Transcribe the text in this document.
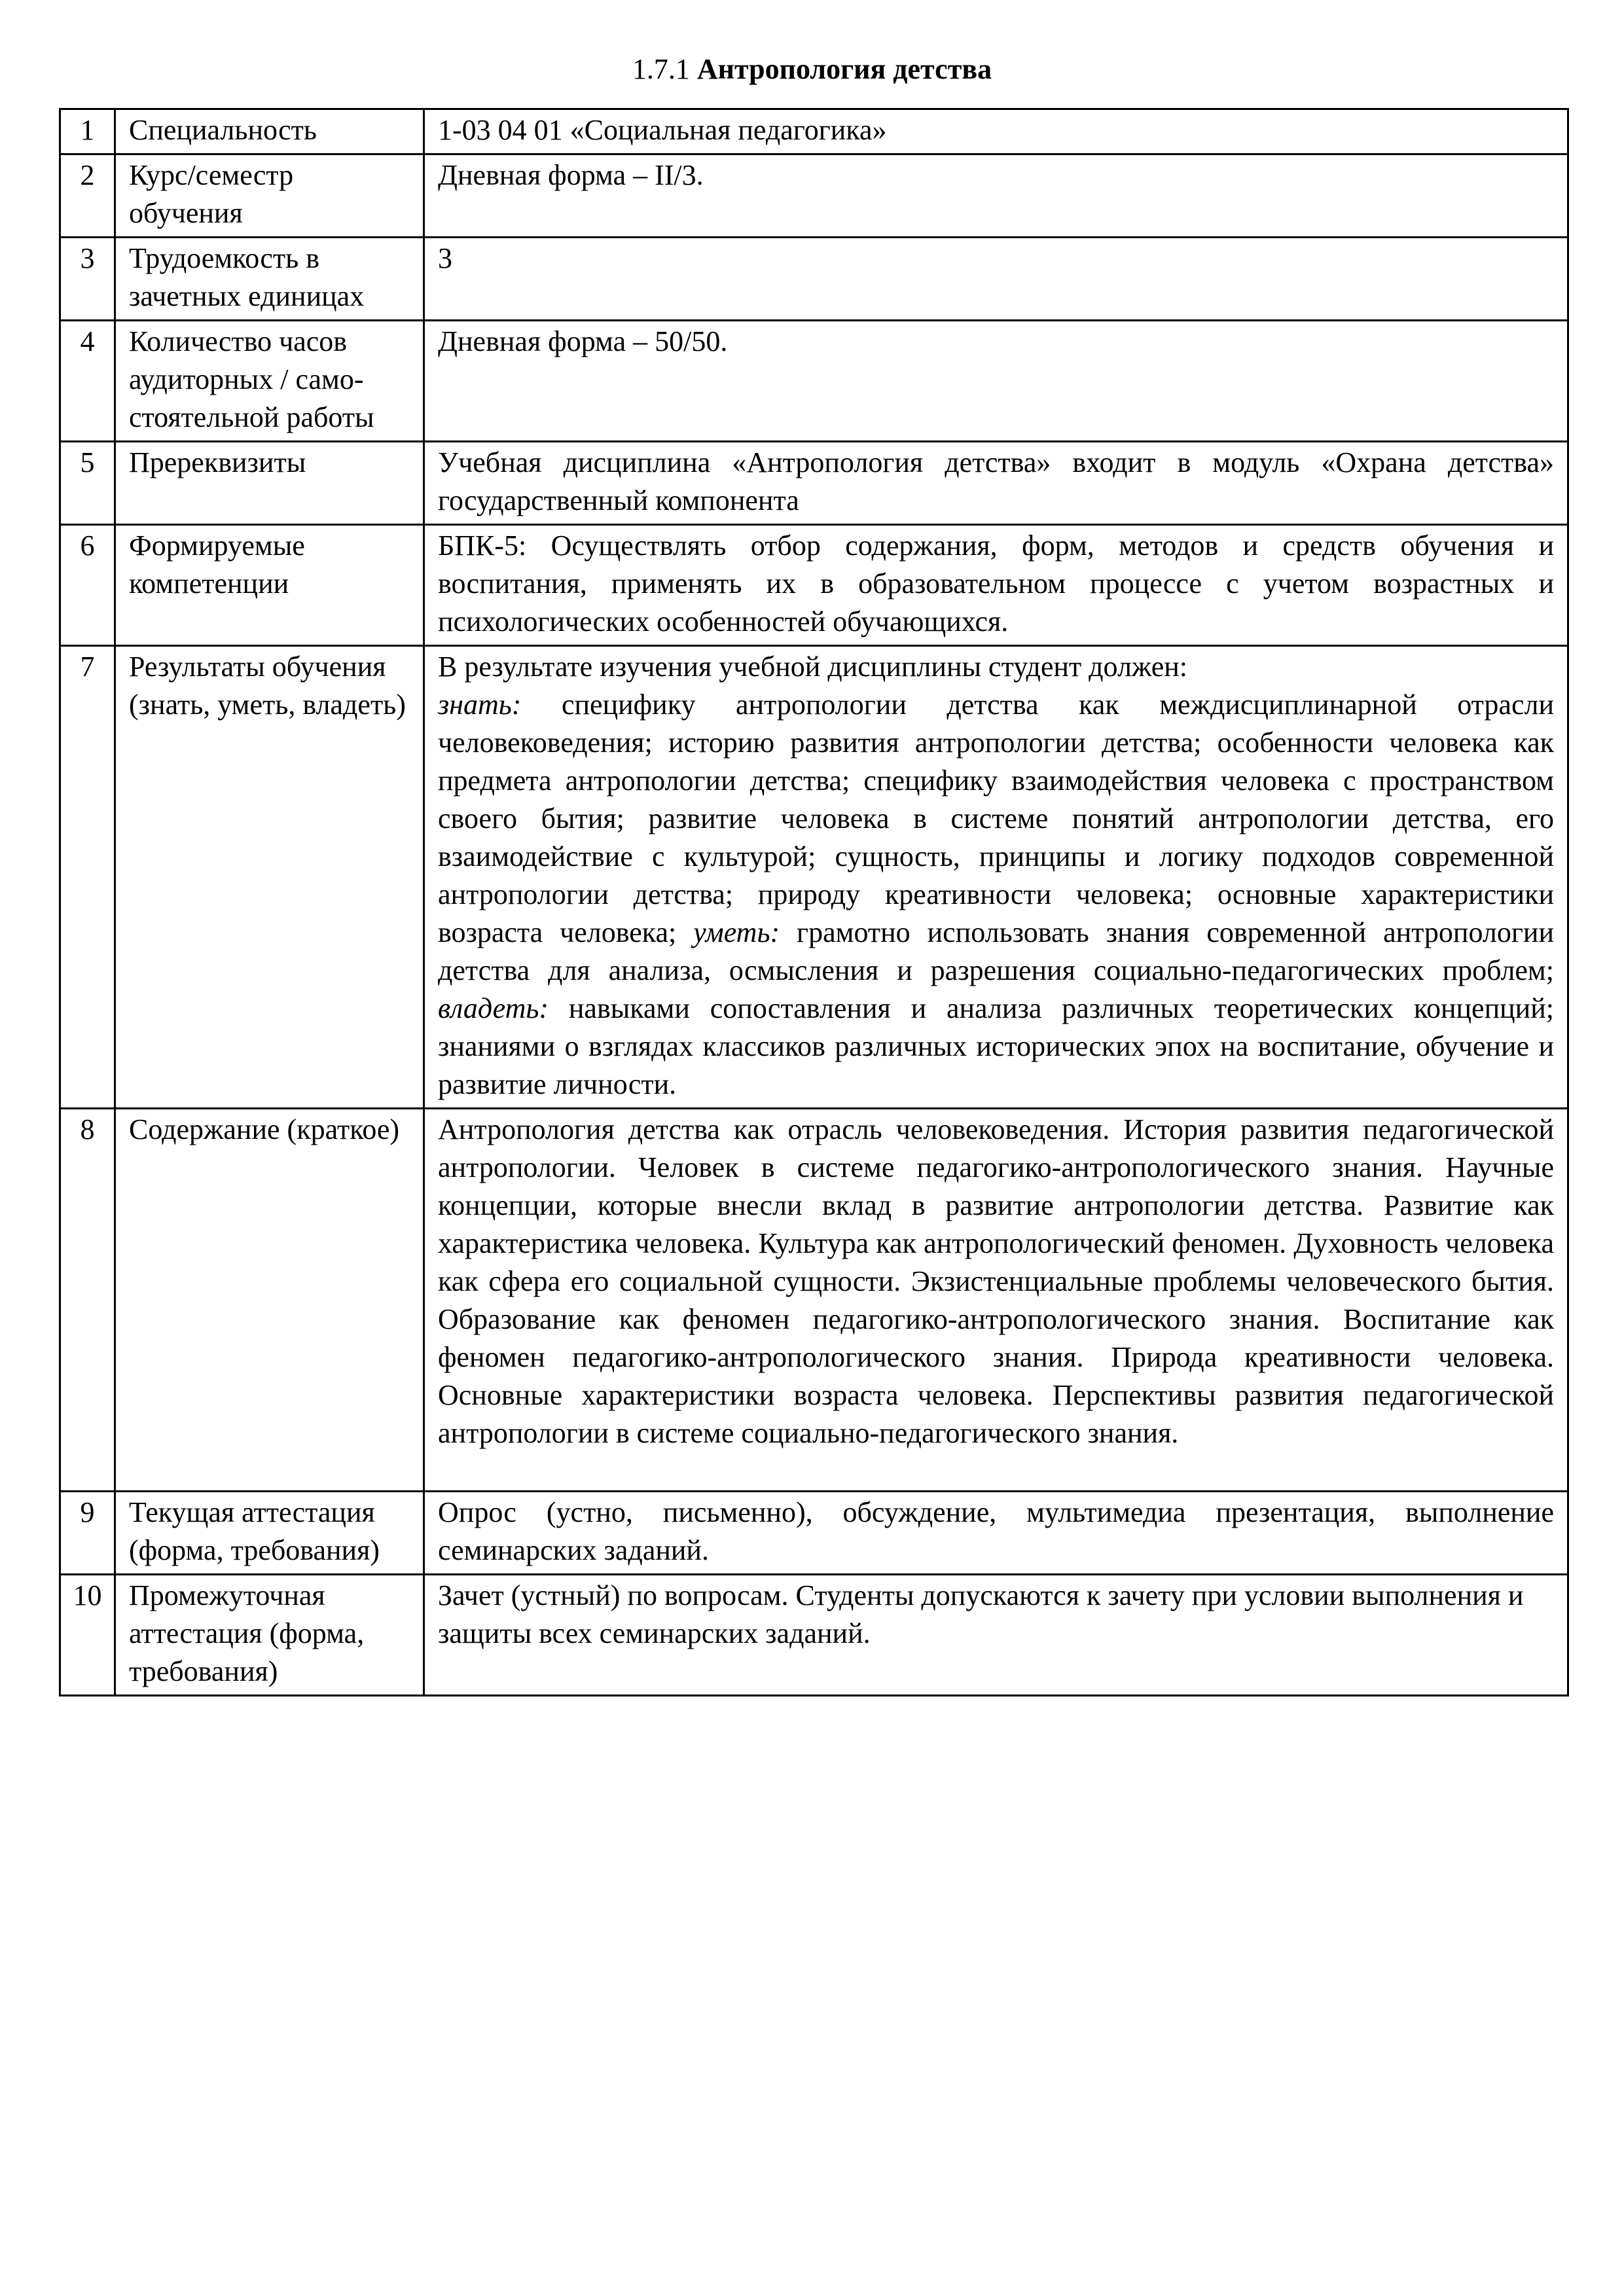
1.7.1 Антропология детства
1	Специальность	1-03 04 01 «Социальная педагогика»
2	Курс/семестр обучения	Дневная форма – II/3.
3	Трудоемкость в зачетных единицах	3
4	Количество часов аудиторных / само-стоятельной работы	Дневная форма – 50/50.
5	Пререквизиты	Учебная дисциплина «Антропология детства» входит в модуль «Охрана детства» государственный компонента
6	Формируемые компетенции	БПК-5: Осуществлять отбор содержания, форм, методов и средств обучения и воспитания, применять их в образовательном процессе с учетом возрастных и психологических особенностей обучающихся.
7	Результаты обучения (знать, уметь, владеть)	В результате изучения учебной дисциплины студент должен:
знать: специфику антропологии детства как междисциплинарной отрасли человековедения; историю развития антропологии детства; особенности человека как предмета антропологии детства; специфику взаимодействия человека с пространством своего бытия; развитие человека в системе понятий антропологии детства, его взаимодействие с культурой; сущность, принципы и логику подходов современной антропологии детства; природу креативности человека; основные характеристики возраста человека; уметь: грамотно использовать знания современной антропологии детства для анализа, осмысления и разрешения социально-педагогических проблем; владеть: навыками сопоставления и анализа различных теоретических концепций; знаниями о взглядах классиков различных исторических эпох на воспитание, обучение и развитие личности.
8	Содержание (краткое)	Антропология детства как отрасль человековедения. История развития педагогической антропологии. Человек в системе педагогико-антропологического знания. Научные концепции, которые внесли вклад в развитие антропологии детства. Развитие как характеристика человека. Культура как антропологический феномен. Духовность человека как сфера его социальной сущности. Экзистенциальные проблемы человеческого бытия. Образование как феномен педагогико-антропологического знания. Воспитание как феномен педагогико-антропологического знания. Природа креативности человека. Основные характеристики возраста человека. Перспективы развития педагогической антропологии в системе социально-педагогического знания.
9	Текущая аттестация (форма, требования)	Опрос (устно, письменно), обсуждение, мультимедиа презентация, выполнение семинарских заданий.
10	Промежуточная аттестация (форма, требования)	Зачет (устный) по вопросам. Студенты допускаются к зачету при условии выполнения и защиты всех семинарских заданий.
